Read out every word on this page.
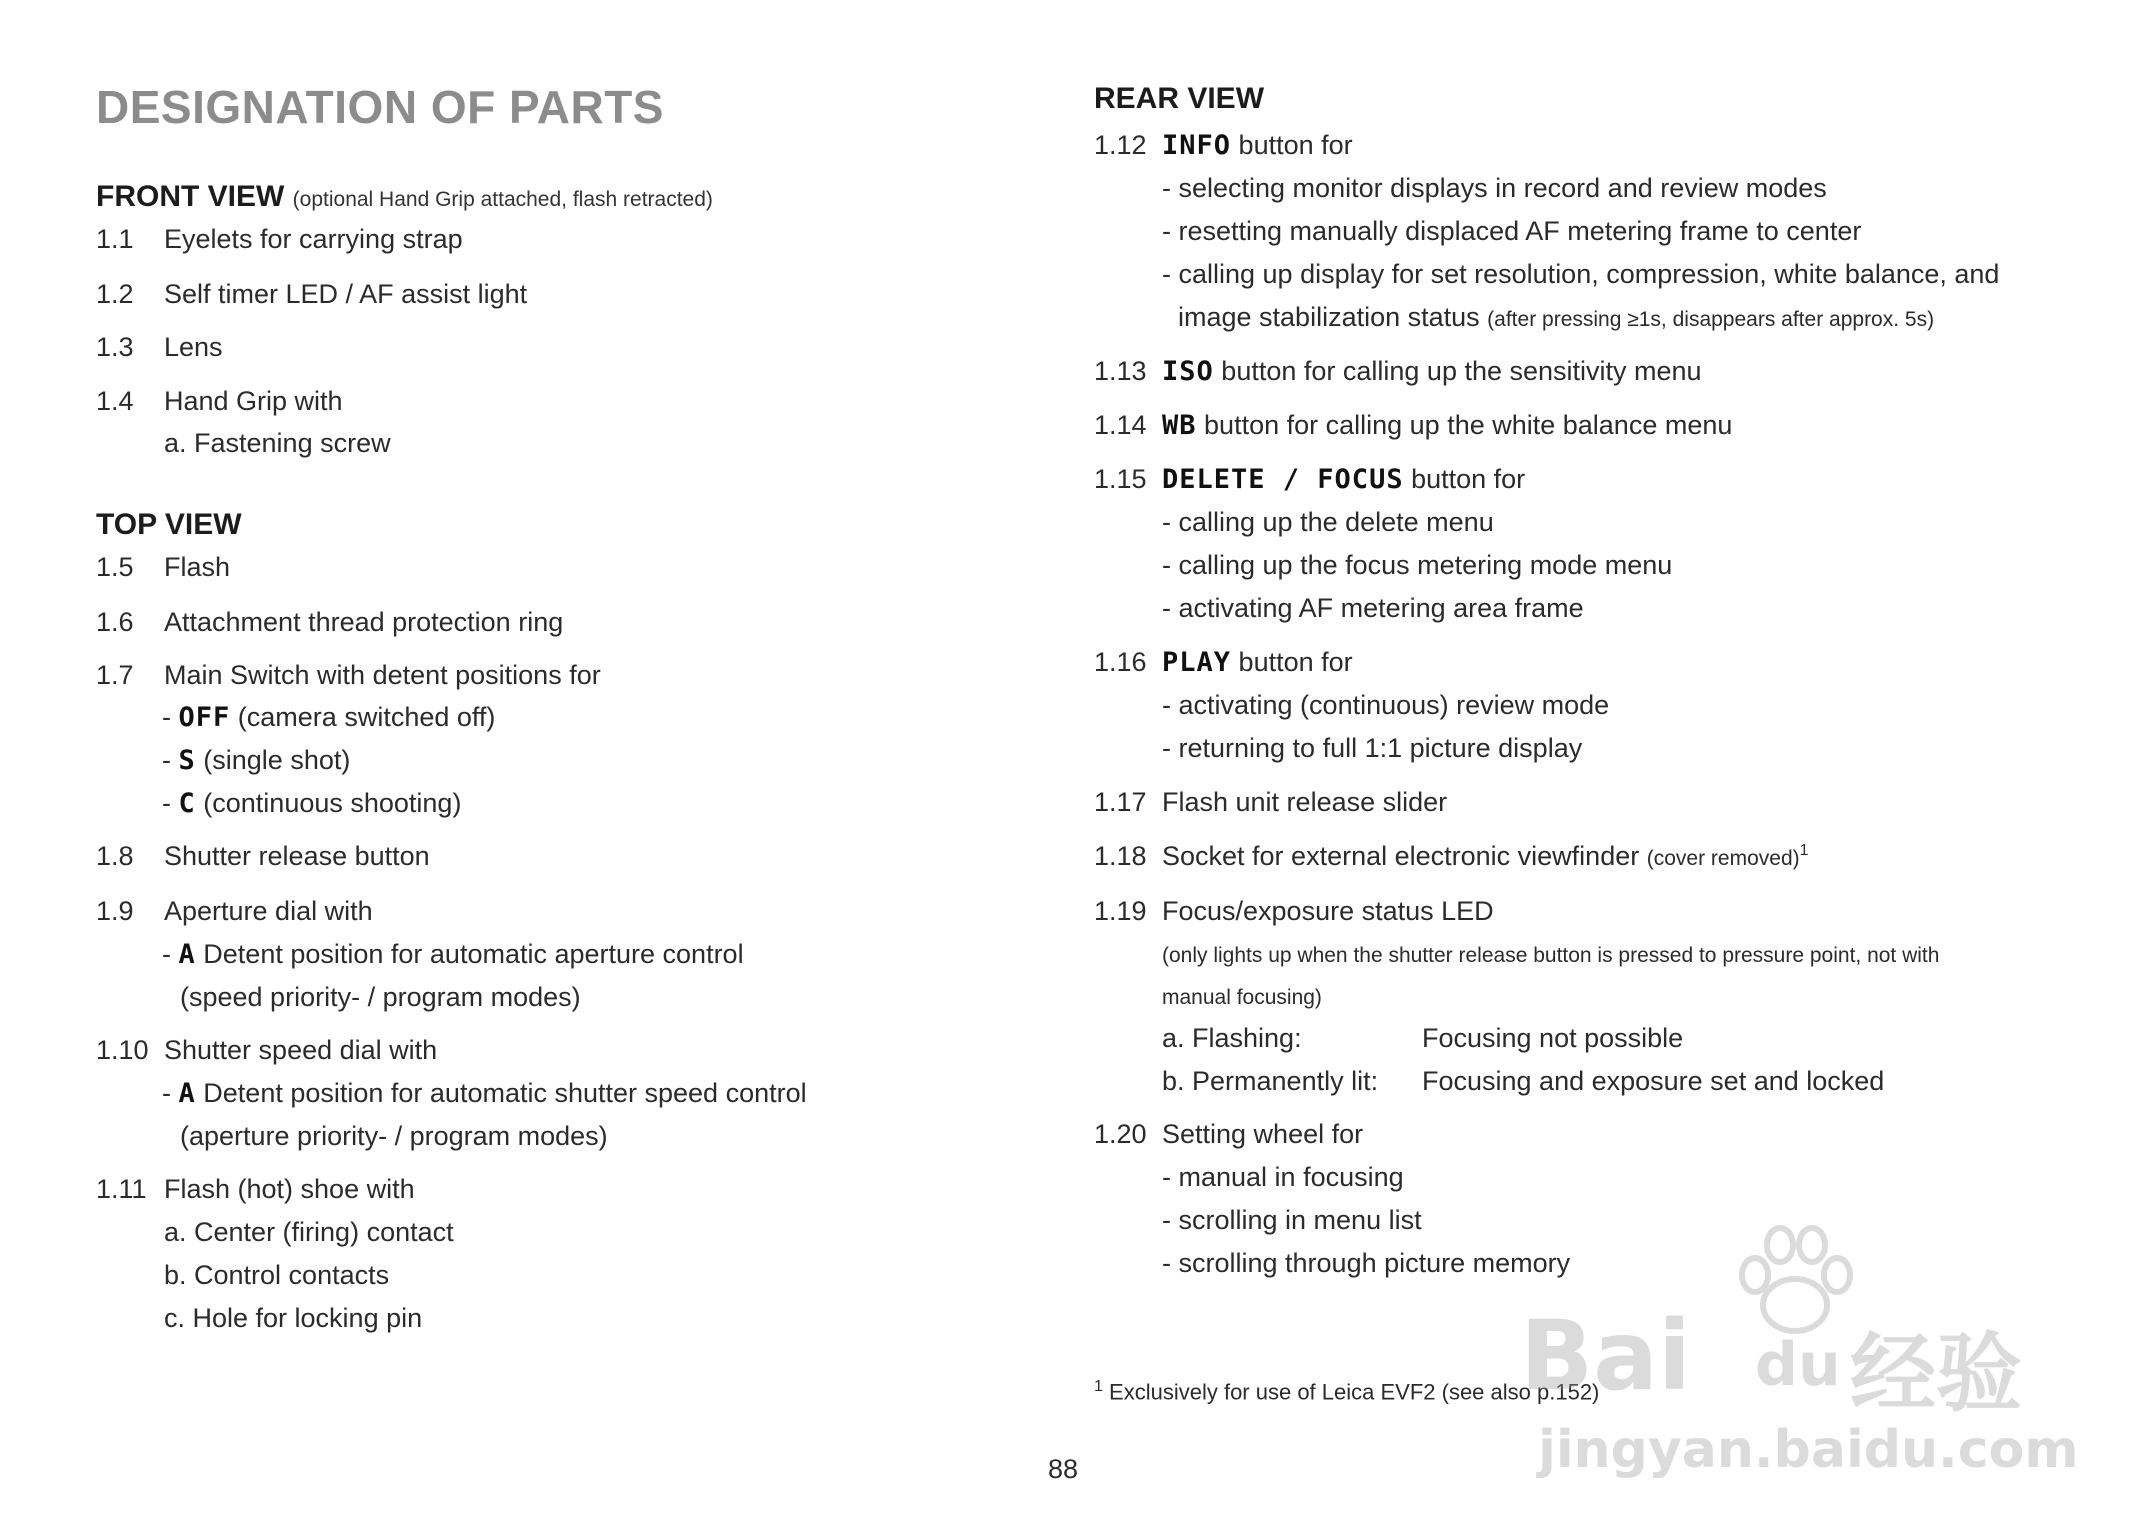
DESIGNATION OF PARTS
FRONT VIEW (optional Hand Grip attached, flash retracted)
1.1 Eyelets for carrying strap
1.2 Self timer LED / AF assist light
1.3 Lens
1.4 Hand Grip with
a. Fastening screw
TOP VIEW
1.5 Flash
1.6 Attachment thread protection ring
1.7 Main Switch with detent positions for
- OFF (camera switched off)
- S (single shot)
- C (continuous shooting)
1.8 Shutter release button
1.9 Aperture dial with
- A Detent position for automatic aperture control
(speed priority- / program modes)
1.10 Shutter speed dial with
- A Detent position for automatic shutter speed control
(aperture priority- / program modes)
1.11 Flash (hot) shoe with
a. Center (firing) contact
b. Control contacts
c. Hole for locking pin
REAR VIEW
1.12 INFO button for
- selecting monitor displays in record and review modes
- resetting manually displaced AF metering frame to center
- calling up display for set resolution, compression, white balance, and
image stabilization status (after pressing ≥1s, disappears after approx. 5s)
1.13 ISO button for calling up the sensitivity menu
1.14 WB button for calling up the white balance menu
1.15 DELETE / FOCUS button for
- calling up the delete menu
- calling up the focus metering mode menu
- activating AF metering area frame
1.16 PLAY button for
- activating (continuous) review mode
- returning to full 1:1 picture display
1.17 Flash unit release slider
1.18 Socket for external electronic viewfinder (cover removed)$^1$
1.19 Focus/exposure status LED
(only lights up when the shutter release button is pressed to pressure point, not with
manual focusing)
a. Flashing:	Focusing not possible
b. Permanently lit: Focusing and exposure set and locked
1.20 Setting wheel for
- manual in focusing
- scrolling in menu list
- scrolling through picture memory
$^1$ Exclusively for use of Leica EVF2 (see also p.152)
88
Bai du 经验
jingyan.baidu.com
